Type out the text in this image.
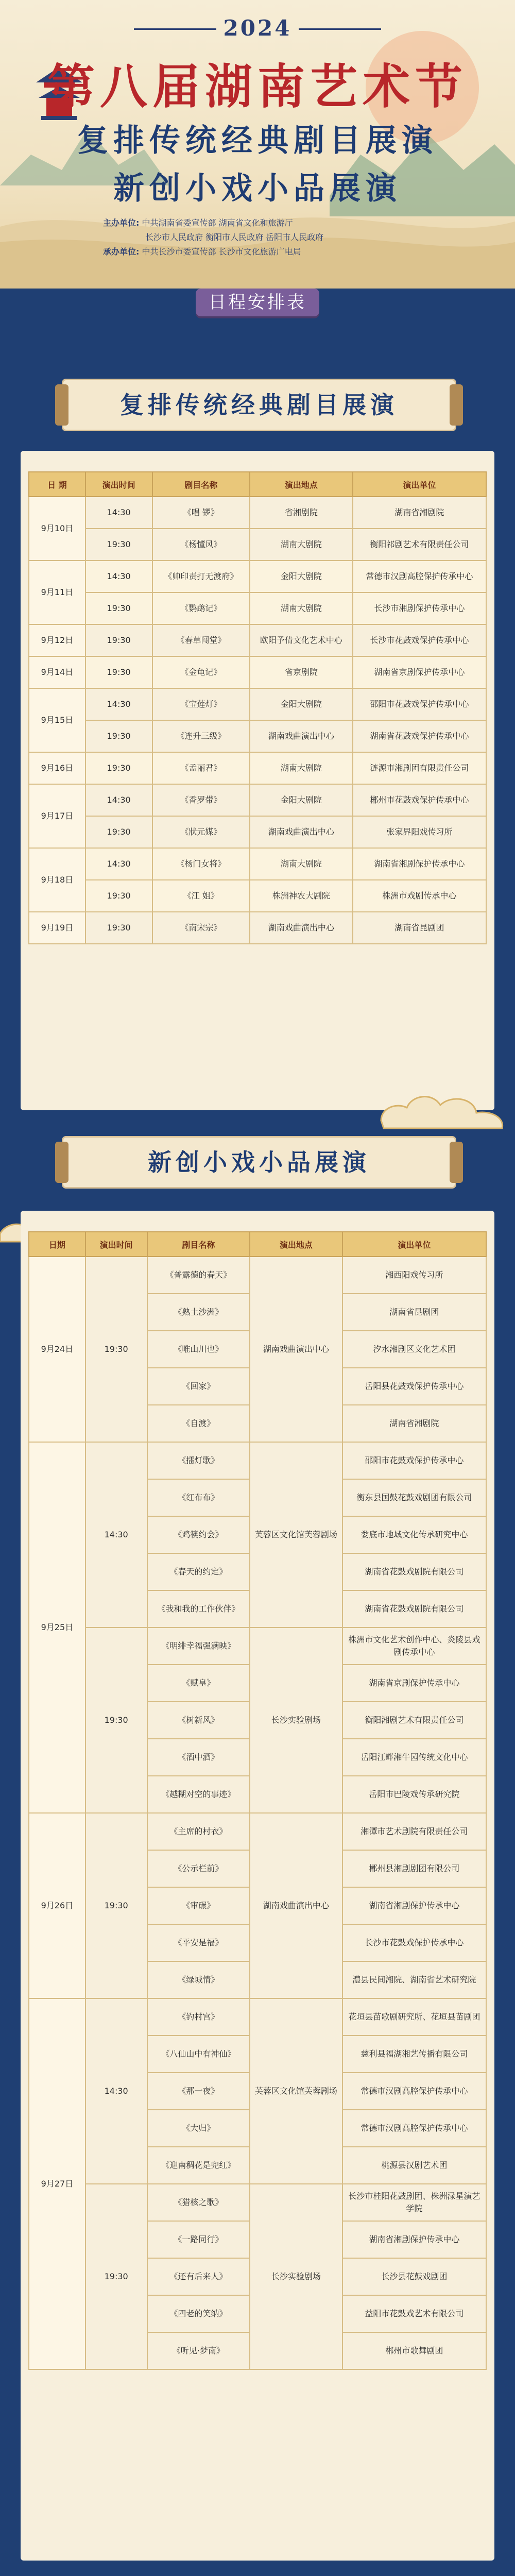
2024
第八届湖南艺术节
复排传统经典剧目展演
新创小戏小品展演
主办单位: 中共湖南省委宣传部 湖南省文化和旅游厅
长沙市人民政府 衡阳市人民政府 岳阳市人民政府
承办单位: 中共长沙市委宣传部 长沙市文化旅游广电局
日程安排表
复排传统经典剧目展演
日 期	演出时间	剧目名称	演出地点	演出单位
9月10日	14:30	《唱 锣》	省湘剧院	湖南省湘剧院
	19:30	《杨懂风》	湖南大剧院	衡阳祁剧艺术有限责任公司
9月11日	14:30	《帅印责打无渡府》	金阳大剧院	常德市汉剧高腔保护传承中心
	19:30	《鹦鹉记》	湖南大剧院	长沙市湘剧保护传承中心
9月12日	19:30	《春草闯堂》	欧阳予倩文化艺术中心	长沙市花鼓戏保护传承中心
9月14日	19:30	《金龟记》	省京剧院	湖南省京剧保护传承中心
9月15日	14:30	《宝莲灯》	金阳大剧院	邵阳市花鼓戏保护传承中心
	19:30	《连升三级》	湖南戏曲演出中心	湖南省花鼓戏保护传承中心
9月16日	19:30	《孟丽君》	湖南大剧院	涟源市湘剧团有限责任公司
9月17日	14:30	《香罗带》	金阳大剧院	郴州市花鼓戏保护传承中心
	19:30	《狀元媒》	湖南戏曲演出中心	张家界阳戏传习所
9月18日	14:30	《杨门女将》	湖南大剧院	湖南省湘剧保护传承中心
	19:30	《江 姐》	株洲神农大剧院	株洲市戏剧传承中心
9月19日	19:30	《南宋宗》	湖南戏曲演出中心	湖南省昆剧团
新创小戏小品展演
日期	演出时间	剧目名称	演出地点	演出单位
9月24日	19:30	《普露德的春天》	湖南戏曲演出中心	湘西阳戏传习所
		《熟土沙洲》		湖南省昆剧团
		《唯山川也》		汐水湘剧区文化艺术团
		《回家》		岳阳县花鼓戏保护传承中心
		《自渡》		湖南省湘剧院
9月25日	14:30	《擂灯歌》	芙蓉区文化馆芙蓉剧场	邵阳市花鼓戏保护传承中心
		《红布布》		衡东县国鼓花鼓戏剧团有限公司
		《鸡筷约会》		娄底市地域文化传承研究中心
		《春天的约定》		湖南省花鼓戏剧院有限公司
		《我和我的工作伙伴》		湖南省花鼓戏剧院有限公司
	19:30	《明绯幸福强满映》	长沙实验剧场	株洲市文化艺术创作中心、炎陵县戏剧传承中心
		《赋皇》		湖南省京剧保护传承中心
		《树新风》		衡阳湘剧艺术有限责任公司
		《酒中酒》		岳阳江畔湘牛园传统文化中心
		《越糊对空的事迹》		岳阳市巴陵戏传承研究院
9月26日	19:30	《主席的村衣》	湖南戏曲演出中心	湘潭市艺术剧院有限责任公司
		《公示栏前》		郴州县湘剧剧团有限公司
		《审碾》		湖南省湘剧保护传承中心
		《平安是福》		长沙市花鼓戏保护传承中心
		《绿城情》		澧县民间湘院、湖南省艺术研究院
9月27日	14:30	《钓村宫》	芙蓉区文化馆芙蓉剧场	花垣县苗歌剧研究所、花垣县苗剧团
		《八仙山中有神仙》		慈利县福湖湘艺传播有限公司
		《那一夜》		常德市汉剧高腔保护传承中心
		《大归》		常德市汉剧高腔保护传承中心
		《迎南稠花是兜红》		桃源县汉剧艺术团
	19:30	《猎核之歌》	长沙实验剧场	长沙市桂阳花鼓剧团、株洲渌星演艺学院
		《一路同行》		湖南省湘剧保护传承中心
		《还有后来人》		长沙县花鼓戏剧团
		《四老的笑纳》		益阳市花鼓戏艺术有限公司
		《听见·梦南》		郴州市歌舞剧团
